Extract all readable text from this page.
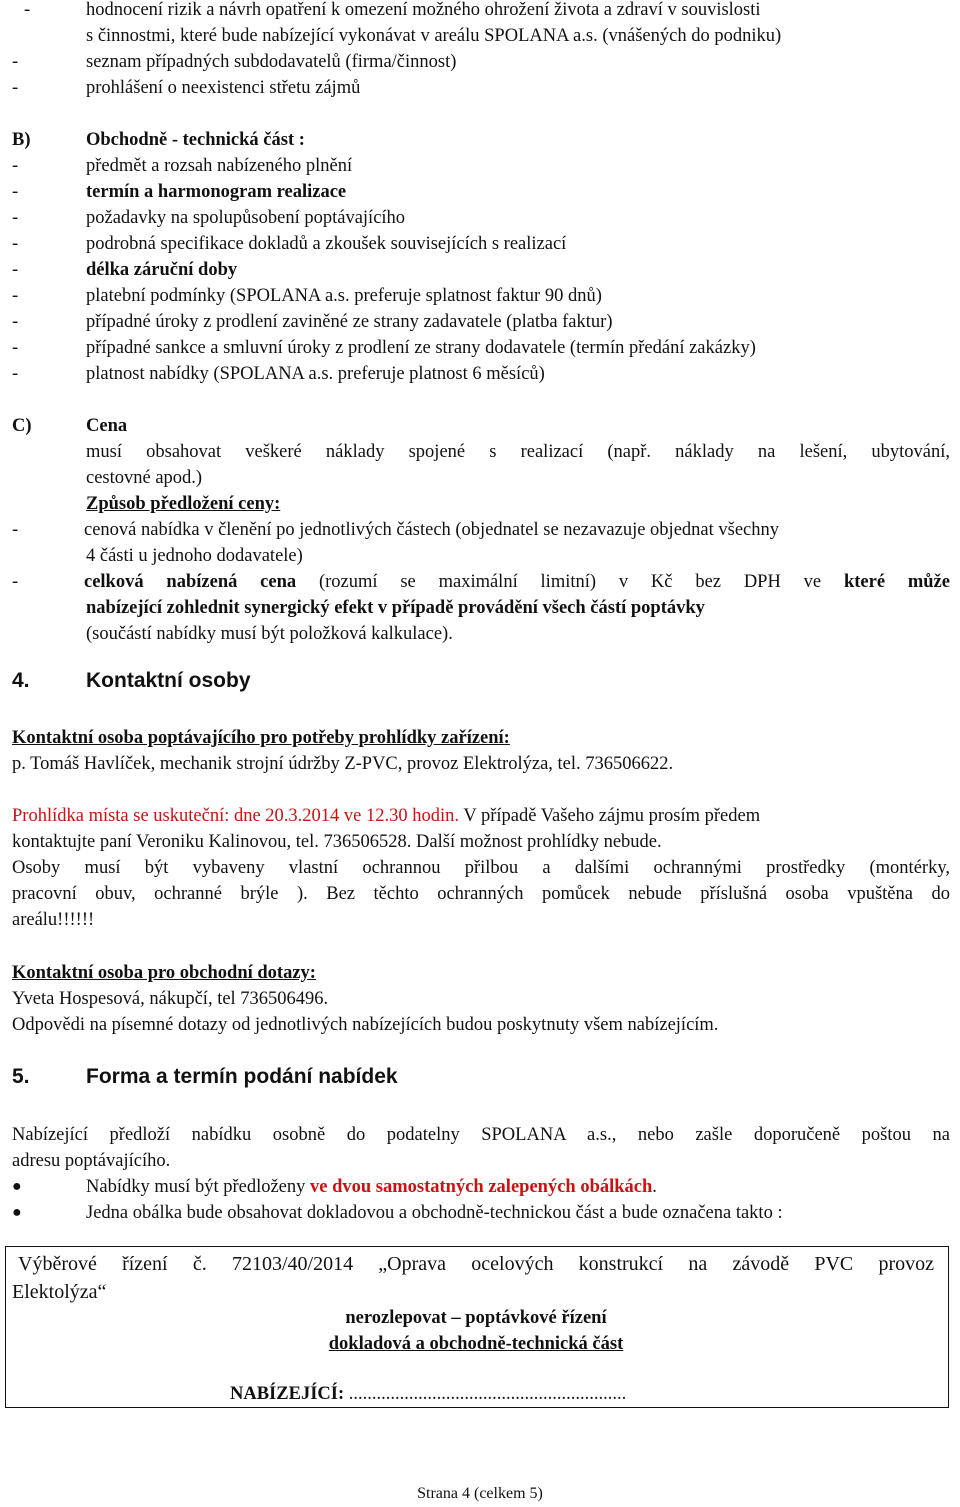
-	hodnocení rizik a návrh opatření k omezení možného ohrožení života a zdraví v souvislosti
s činnostmi, které bude nabízející vykonávat v areálu SPOLANA a.s. (vnášených do podniku)
-	seznam případných subdodavatelů (firma/činnost)
-	prohlášení o neexistenci střetu zájmů
B)	Obchodně - technická část :
-	předmět a rozsah nabízeného plnění
-	termín a harmonogram realizace
-	požadavky na spolupůsobení poptávajícího
-	podrobná specifikace dokladů a zkoušek souvisejících s realizací
-	délka záruční doby
-	platební podmínky (SPOLANA a.s. preferuje splatnost faktur 90 dnů)
-	případné úroky z prodlení zaviněné ze strany zadavatele (platba faktur)
-	případné sankce a smluvní úroky z prodlení ze strany dodavatele (termín předání zakázky)
-	platnost nabídky (SPOLANA a.s. preferuje platnost 6 měsíců)
C)	Cena
musí obsahovat veškeré náklady spojené s realizací (např. náklady na lešení, ubytování,
cestovné apod.)
Způsob předložení ceny:
-	cenová nabídka v členění po jednotlivých částech (objednatel se nezavazuje objednat všechny
4 části u jednoho dodavatele)
-	celková nabízená cena (rozumí se maximální limitní) v Kč bez DPH ve které může
nabízející zohlednit synergický efekt v případě provádění všech částí poptávky
(součástí nabídky musí být položková kalkulace).
4.	Kontaktní osoby
Kontaktní osoba poptávajícího pro potřeby prohlídky zařízení:
p. Tomáš Havlíček, mechanik strojní údržby Z-PVC, provoz Elektrolýza, tel. 736506622.
Prohlídka místa se uskuteční: dne 20.3.2014 ve 12.30 hodin. V případě Vašeho zájmu prosím předem
kontaktujte paní Veroniku Kalinovou, tel. 736506528. Další možnost prohlídky nebude.
Osoby musí být vybaveny vlastní ochrannou přilbou a dalšími ochrannými prostředky (montérky,
pracovní obuv, ochranné brýle ). Bez těchto ochranných pomůcek nebude příslušná osoba vpuštěna do
areálu!!!!!!
Kontaktní osoba pro obchodní dotazy:
Yveta Hospesová, nákupčí, tel 736506496.
Odpovědi na písemné dotazy od jednotlivých nabízejících budou poskytnuty všem nabízejícím.
5.	Forma a termín podání nabídek
Nabízející předloží nabídku osobně do podatelny SPOLANA a.s., nebo zašle doporučeně poštou na
adresu poptávajícího.
●	Nabídky musí být předloženy ve dvou samostatných zalepených obálkách.
●	Jedna obálka bude obsahovat dokladovou a obchodně-technickou část a bude označena takto :
Výběrové řízení č. 72103/40/2014 „Oprava ocelových konstrukcí na závodě PVC provoz
Elektolýza“
nerozlepovat – poptávkové řízení
dokladová a obchodně-technická část
NABÍZEJÍCÍ: ............................................................
Strana 4 (celkem 5)
